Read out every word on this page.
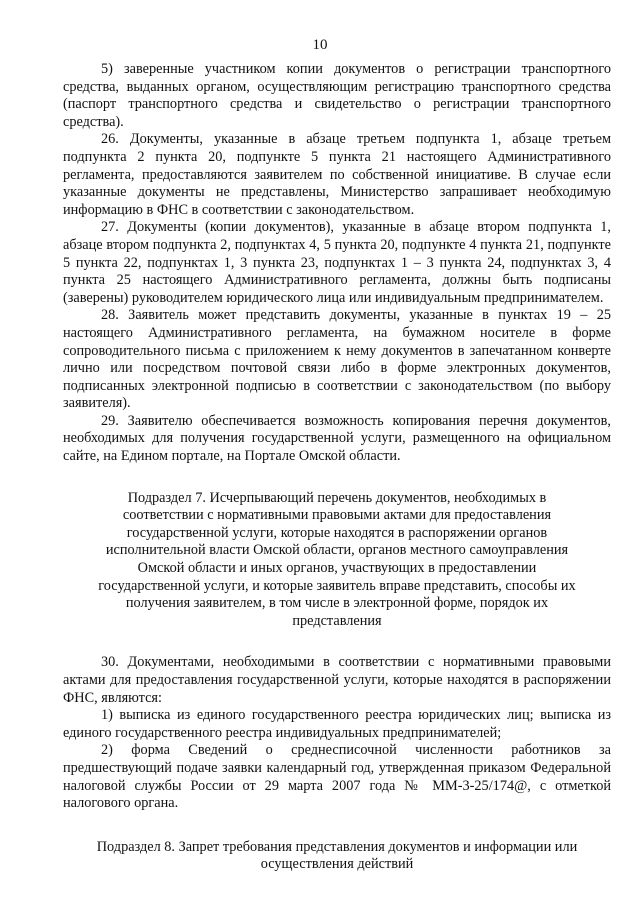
10

5) заверенные участником копии документов о регистрации транспортного средства, выданных органом, осуществляющим регистрацию транспортного средства (паспорт транспортного средства и свидетельство о регистрации транспортного средства).

26. Документы, указанные в абзаце третьем подпункта 1, абзаце третьем подпункта 2 пункта 20, подпункте 5 пункта 21 настоящего Административного регламента, предоставляются заявителем по собственной инициативе. В случае если указанные документы не представлены, Министерство запрашивает необходимую информацию в ФНС в соответствии с законодательством.

27. Документы (копии документов), указанные в абзаце втором подпункта 1, абзаце втором подпункта 2, подпунктах 4, 5 пункта 20, подпункте 4 пункта 21, подпункте 5 пункта 22, подпунктах 1, 3 пункта 23, подпунктах 1 – 3 пункта 24, подпунктах 3, 4 пункта 25 настоящего Административного регламента, должны быть подписаны (заверены) руководителем юридического лица или индивидуальным предпринимателем.

28. Заявитель может представить документы, указанные в пунктах 19 – 25 настоящего Административного регламента, на бумажном носителе в форме сопроводительного письма с приложением к нему документов в запечатанном конверте лично или посредством почтовой связи либо в форме электронных документов, подписанных электронной подписью в соответствии с законодательством (по выбору заявителя).

29. Заявителю обеспечивается возможность копирования перечня документов, необходимых для получения государственной услуги, размещенного на официальном сайте, на Едином портале, на Портале Омской области.

Подраздел 7. Исчерпывающий перечень документов, необходимых в соответствии с нормативными правовыми актами для предоставления государственной услуги, которые находятся в распоряжении органов исполнительной власти Омской области, органов местного самоуправления Омской области и иных органов, участвующих в предоставлении государственной услуги, и которые заявитель вправе представить, способы их получения заявителем, в том числе в электронной форме, порядок их представления

30. Документами, необходимыми в соответствии с нормативными правовыми актами для предоставления государственной услуги, которые находятся в распоряжении ФНС, являются:

1) выписка из единого государственного реестра юридических лиц; выписка из единого государственного реестра индивидуальных предпринимателей;

2) форма Сведений о среднесписочной численности работников за предшествующий подаче заявки календарный год, утвержденная приказом Федеральной налоговой службы России от 29 марта 2007 года № ММ-3-25/174@, с отметкой налогового органа.

Подраздел 8. Запрет требования представления документов и информации или осуществления действий
